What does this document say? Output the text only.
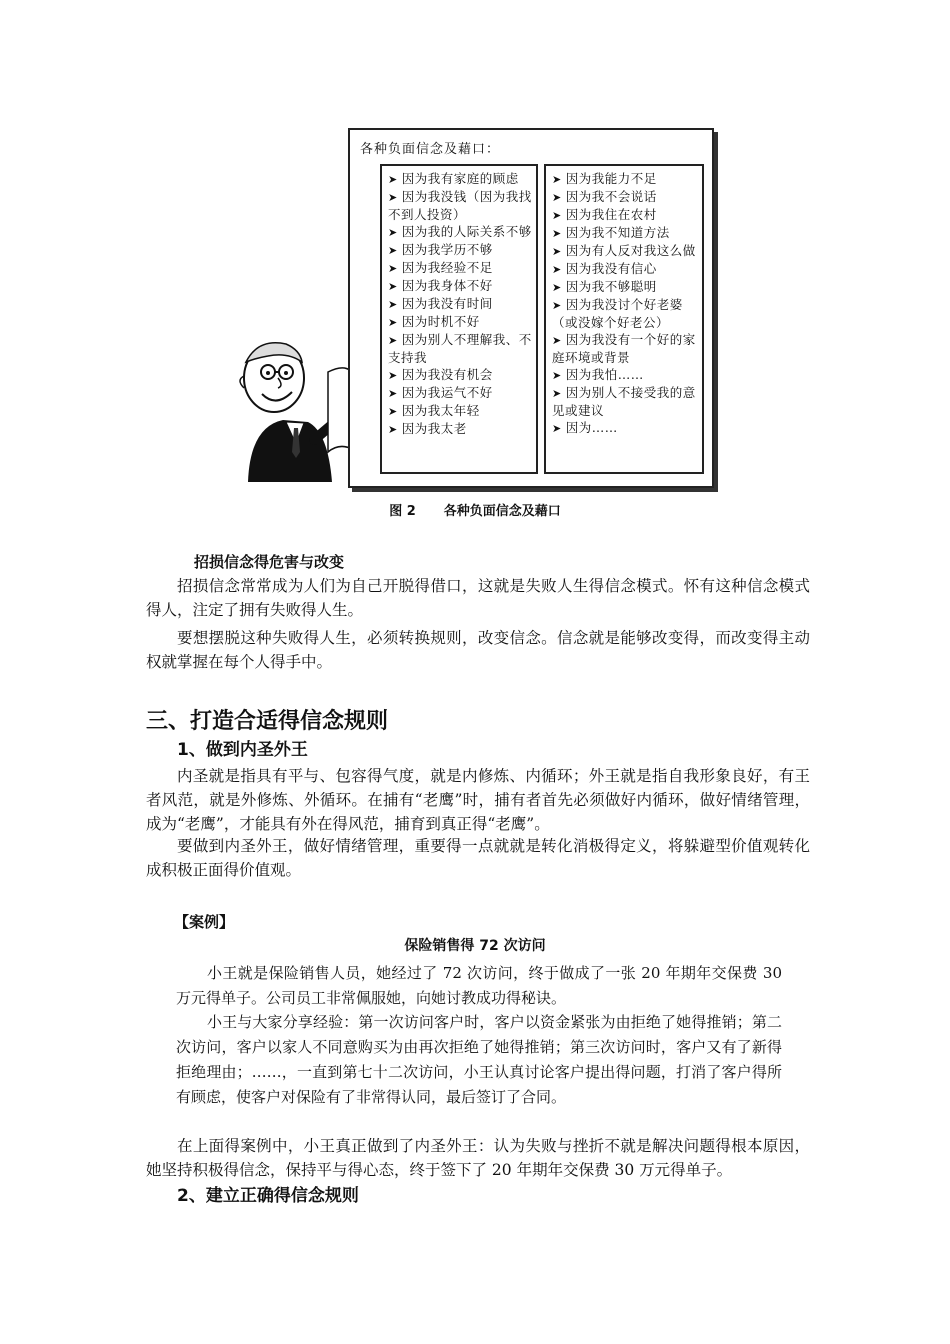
各种负面信念及藉口：
➤ 因为我有家庭的顾虑
➤ 因为我没钱（因为我找不到人投资）
➤ 因为我的人际关系不够
➤ 因为我学历不够
➤ 因为我经验不足
➤ 因为我身体不好
➤ 因为我没有时间
➤ 因为时机不好
➤ 因为别人不理解我、不支持我
➤ 因为我没有机会
➤ 因为我运气不好
➤ 因为我太年轻
➤ 因为我太老
➤ 因为我能力不足
➤ 因为我不会说话
➤ 因为我住在农村
➤ 因为我不知道方法
➤ 因为有人反对我这么做
➤ 因为我没有信心
➤ 因为我不够聪明
➤ 因为我没讨个好老婆（或没嫁个好老公）
➤ 因为我没有一个好的家庭环境或背景
➤ 因为我怕……
➤ 因为别人不接受我的意见或建议
➤ 因为……
图 2 各种负面信念及藉口
招损信念得危害与改变
招损信念常常成为人们为自己开脱得借口，这就是失败人生得信念模式。怀有这种信念模式得人，注定了拥有失败得人生。
要想摆脱这种失败得人生，必须转换规则，改变信念。信念就是能够改变得，而改变得主动权就掌握在每个人得手中。
三、打造合适得信念规则
1、做到内圣外王
内圣就是指具有平与、包容得气度，就是内修炼、内循环；外王就是指自我形象良好，有王者风范，就是外修炼、外循环。在捕有“老鹰”时，捕有者首先必须做好内循环，做好情绪管理，成为“老鹰”，才能具有外在得风范，捕育到真正得“老鹰”。
要做到内圣外王，做好情绪管理，重要得一点就就是转化消极得定义，将躲避型价值观转化成积极正面得价值观。
【案例】
保险销售得 72 次访问
小王就是保险销售人员，她经过了 72 次访问，终于做成了一张 20 年期年交保费 30 万元得单子。公司员工非常佩服她，向她讨教成功得秘诀。
小王与大家分享经验：第一次访问客户时，客户以资金紧张为由拒绝了她得推销；第二次访问，客户以家人不同意购买为由再次拒绝了她得推销；第三次访问时，客户又有了新得拒绝理由；……，一直到第七十二次访问，小王认真讨论客户提出得问题，打消了客户得所有顾虑，使客户对保险有了非常得认同，最后签订了合同。
在上面得案例中，小王真正做到了内圣外王：认为失败与挫折不就是解决问题得根本原因，她坚持积极得信念，保持平与得心态，终于签下了 20 年期年交保费 30 万元得单子。
2、建立正确得信念规则
